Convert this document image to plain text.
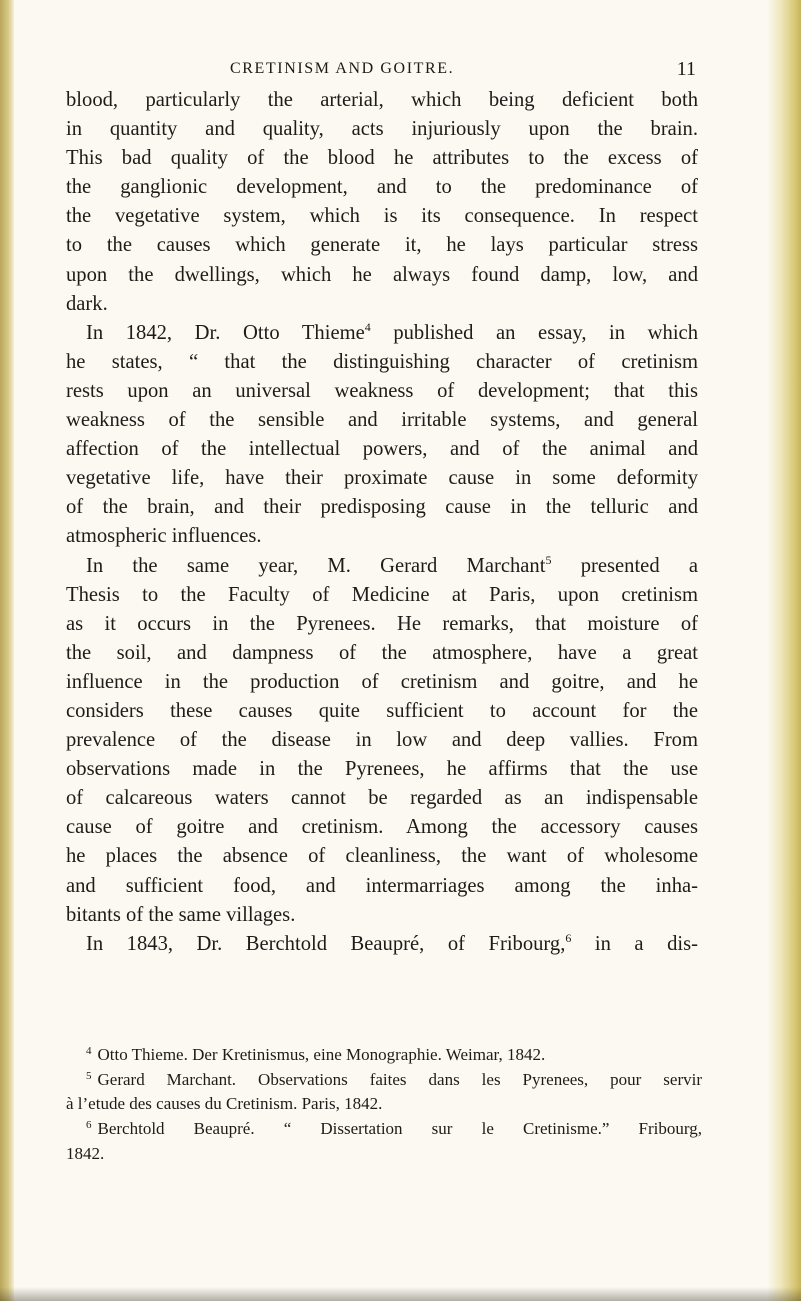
CRETINISM AND GOITRE.	11
blood, particularly the arterial, which being deficient both
in quantity and quality, acts injuriously upon the brain.
This bad quality of the blood he attributes to the excess of
the ganglionic development, and to the predominance of
the vegetative system, which is its consequence. In respect
to the causes which generate it, he lays particular stress
upon the dwellings, which he always found damp, low, and
dark.
In 1842, Dr. Otto Thieme$^4$ published an essay, in which
he states, “ that the distinguishing character of cretinism
rests upon an universal weakness of development; that this
weakness of the sensible and irritable systems, and general
affection of the intellectual powers, and of the animal and
vegetative life, have their proximate cause in some deformity
of the brain, and their predisposing cause in the telluric and
atmospheric influences.
In the same year, M. Gerard Marchant$^5$ presented a
Thesis to the Faculty of Medicine at Paris, upon cretinism
as it occurs in the Pyrenees. He remarks, that moisture of
the soil, and dampness of the atmosphere, have a great
influence in the production of cretinism and goitre, and he
considers these causes quite sufficient to account for the
prevalence of the disease in low and deep vallies. From
observations made in the Pyrenees, he affirms that the use
of calcareous waters cannot be regarded as an indispensable
cause of goitre and cretinism. Among the accessory causes
he places the absence of cleanliness, the want of wholesome
and sufficient food, and intermarriages among the inha-
bitants of the same villages.
In 1843, Dr. Berchtold Beaupré, of Fribourg,$^6$ in a dis-
$^4$ Otto Thieme. Der Kretinismus, eine Monographie. Weimar, 1842.
$^5$ Gerard Marchant. Observations faites dans les Pyrenees, pour servir
à l’etude des causes du Cretinism. Paris, 1842.
$^6$ Berchtold Beaupré. “ Dissertation sur le Cretinisme.” Fribourg,
1842.
